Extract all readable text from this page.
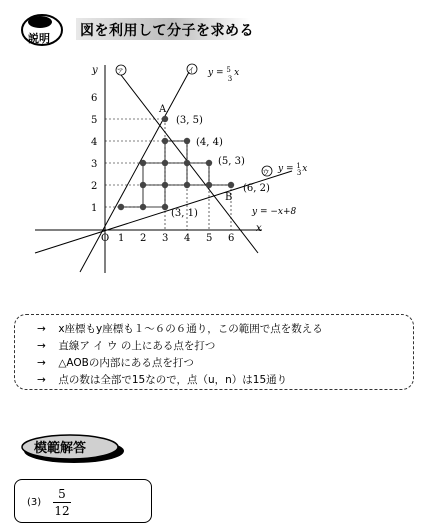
説明 図を利用して分子を求める
x
y
O
ア	イ
ウ
y = $^5$ 3x
y = $^1$ 3x
y = −x+8
1 2 3 4 5 6
1
2
3
4
5
6
A
(3, 5)
(4, 4)
(5, 3)
B
(6, 2)
(3, 1)
→ x座標もy座標も１〜６の６通り，この範囲で点を数える
→ 直線ア イ ウ の上にある点を打つ
→ △AOBの内部にある点を打つ
→ 点の数は全部で15なので，点（u，n）は15通り
模範解答
(3)
5
12
